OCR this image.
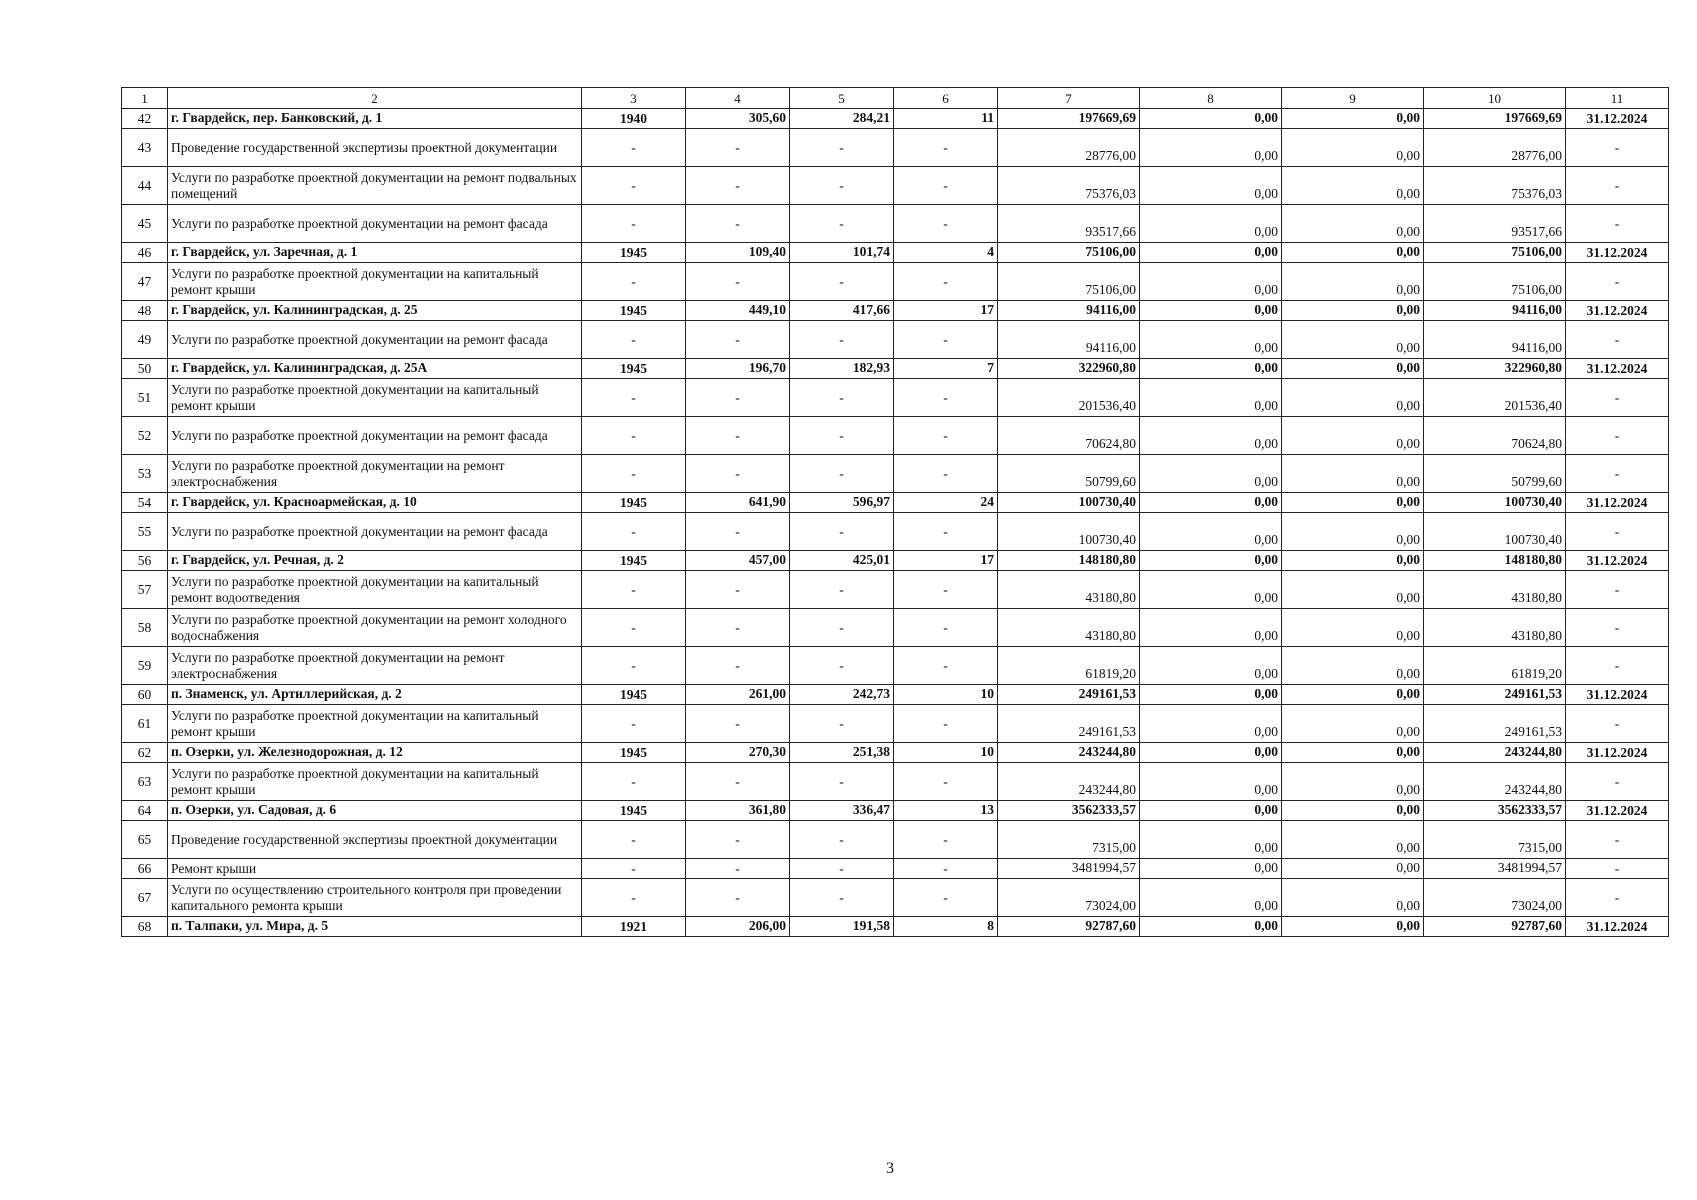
1	2	3	4	5	6	7	8	9	10	11
42	г. Гвардейск, пер. Банковский, д. 1	1940	305,60	284,21	11	197669,69	0,00	0,00	197669,69	31.12.2024
43	Проведение государственной экспертизы проектной документации	-	-	-	-	28776,00	0,00	0,00	28776,00	-
44	Услуги по разработке проектной документации на ремонт подвальных помещений	-	-	-	-	75376,03	0,00	0,00	75376,03	-
45	Услуги по разработке проектной документации на ремонт фасада	-	-	-	-	93517,66	0,00	0,00	93517,66	-
46	г. Гвардейск, ул. Заречная, д. 1	1945	109,40	101,74	4	75106,00	0,00	0,00	75106,00	31.12.2024
47	Услуги по разработке проектной документации на капитальный ремонт крыши	-	-	-	-	75106,00	0,00	0,00	75106,00	-
48	г. Гвардейск, ул. Калининградская, д. 25	1945	449,10	417,66	17	94116,00	0,00	0,00	94116,00	31.12.2024
49	Услуги по разработке проектной документации на ремонт фасада	-	-	-	-	94116,00	0,00	0,00	94116,00	-
50	г. Гвардейск, ул. Калининградская, д. 25А	1945	196,70	182,93	7	322960,80	0,00	0,00	322960,80	31.12.2024
51	Услуги по разработке проектной документации на капитальный ремонт крыши	-	-	-	-	201536,40	0,00	0,00	201536,40	-
52	Услуги по разработке проектной документации на ремонт фасада	-	-	-	-	70624,80	0,00	0,00	70624,80	-
53	Услуги по разработке проектной документации на ремонт электроснабжения	-	-	-	-	50799,60	0,00	0,00	50799,60	-
54	г. Гвардейск, ул. Красноармейская, д. 10	1945	641,90	596,97	24	100730,40	0,00	0,00	100730,40	31.12.2024
55	Услуги по разработке проектной документации на ремонт фасада	-	-	-	-	100730,40	0,00	0,00	100730,40	-
56	г. Гвардейск, ул. Речная, д. 2	1945	457,00	425,01	17	148180,80	0,00	0,00	148180,80	31.12.2024
57	Услуги по разработке проектной документации на капитальный ремонт водоотведения	-	-	-	-	43180,80	0,00	0,00	43180,80	-
58	Услуги по разработке проектной документации на ремонт холодного водоснабжения	-	-	-	-	43180,80	0,00	0,00	43180,80	-
59	Услуги по разработке проектной документации на ремонт электроснабжения	-	-	-	-	61819,20	0,00	0,00	61819,20	-
60	п. Знаменск, ул. Артиллерийская, д. 2	1945	261,00	242,73	10	249161,53	0,00	0,00	249161,53	31.12.2024
61	Услуги по разработке проектной документации на капитальный ремонт крыши	-	-	-	-	249161,53	0,00	0,00	249161,53	-
62	п. Озерки, ул. Железнодорожная, д. 12	1945	270,30	251,38	10	243244,80	0,00	0,00	243244,80	31.12.2024
63	Услуги по разработке проектной документации на капитальный ремонт крыши	-	-	-	-	243244,80	0,00	0,00	243244,80	-
64	п. Озерки, ул. Садовая, д. 6	1945	361,80	336,47	13	3562333,57	0,00	0,00	3562333,57	31.12.2024
65	Проведение государственной экспертизы проектной документации	-	-	-	-	7315,00	0,00	0,00	7315,00	-
66	Ремонт крыши	-	-	-	-	3481994,57	0,00	0,00	3481994,57	-
67	Услуги по осуществлению строительного контроля при проведении капитального ремонта крыши	-	-	-	-	73024,00	0,00	0,00	73024,00	-
68	п. Талпаки, ул. Мира, д. 5	1921	206,00	191,58	8	92787,60	0,00	0,00	92787,60	31.12.2024
3
